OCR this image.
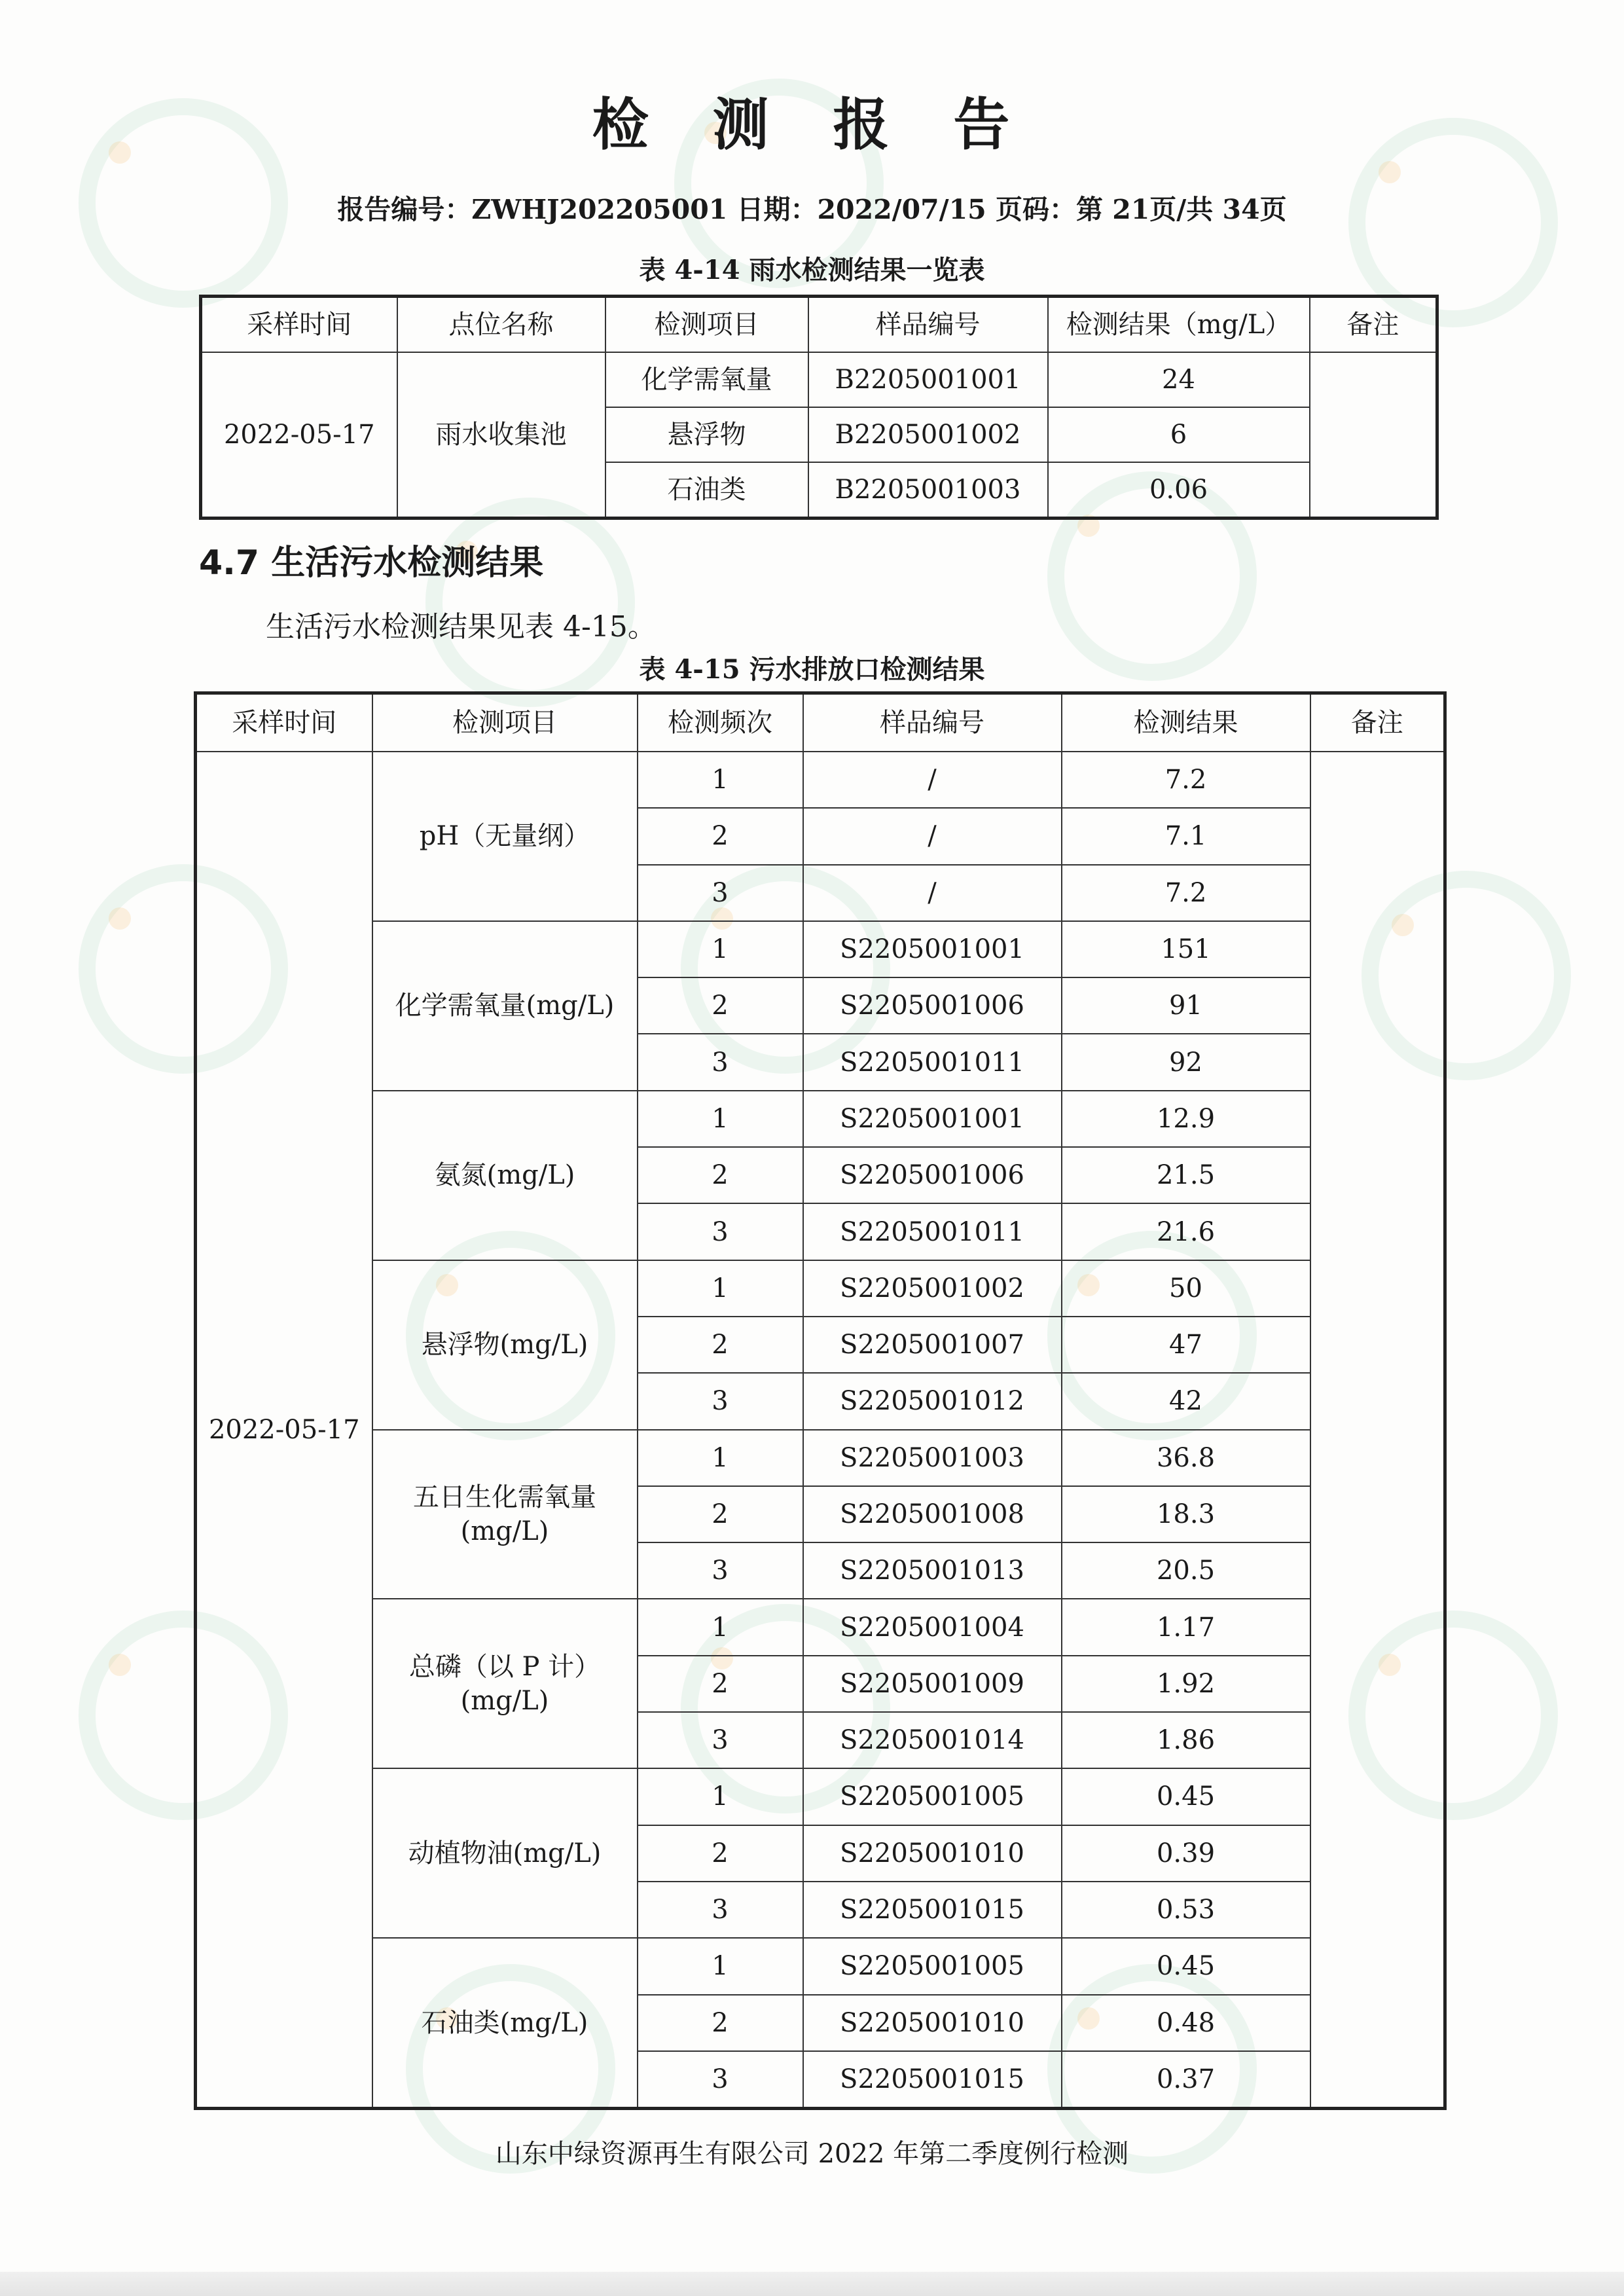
检 测 报 告
报告编号：ZWHJ202205001 日期：2022/07/15 页码：第 21页/共 34页
表 4-14 雨水检测结果一览表
采样时间	点位名称	检测项目	样品编号	检测结果（mg/L）	备注
2022-05-17	雨水收集池	化学需氧量	B2205001001	24	
		悬浮物	B2205001002	6	
		石油类	B2205001003	0.06	
4.7 生活污水检测结果
生活污水检测结果见表 4-15。
表 4-15 污水排放口检测结果
采样时间	检测项目	检测频次	样品编号	检测结果	备注
2022-05-17	pH（无量纲）	1	/	7.2	
		2	/	7.1	
		3	/	7.2	
	化学需氧量(mg/L)	1	S2205001001	151	
		2	S2205001006	91	
		3	S2205001011	92	
	氨氮(mg/L)	1	S2205001001	12.9	
		2	S2205001006	21.5	
		3	S2205001011	21.6	
	悬浮物(mg/L)	1	S2205001002	50	
		2	S2205001007	47	
		3	S2205001012	42	
	五日生化需氧量
(mg/L)	1	S2205001003	36.8	
		2	S2205001008	18.3	
		3	S2205001013	20.5	
	总磷（以 P 计）
(mg/L)	1	S2205001004	1.17	
		2	S2205001009	1.92	
		3	S2205001014	1.86	
	动植物油(mg/L)	1	S2205001005	0.45	
		2	S2205001010	0.39	
		3	S2205001015	0.53	
	石油类(mg/L)	1	S2205001005	0.45	
		2	S2205001010	0.48	
		3	S2205001015	0.37	
山东中绿资源再生有限公司 2022 年第二季度例行检测
